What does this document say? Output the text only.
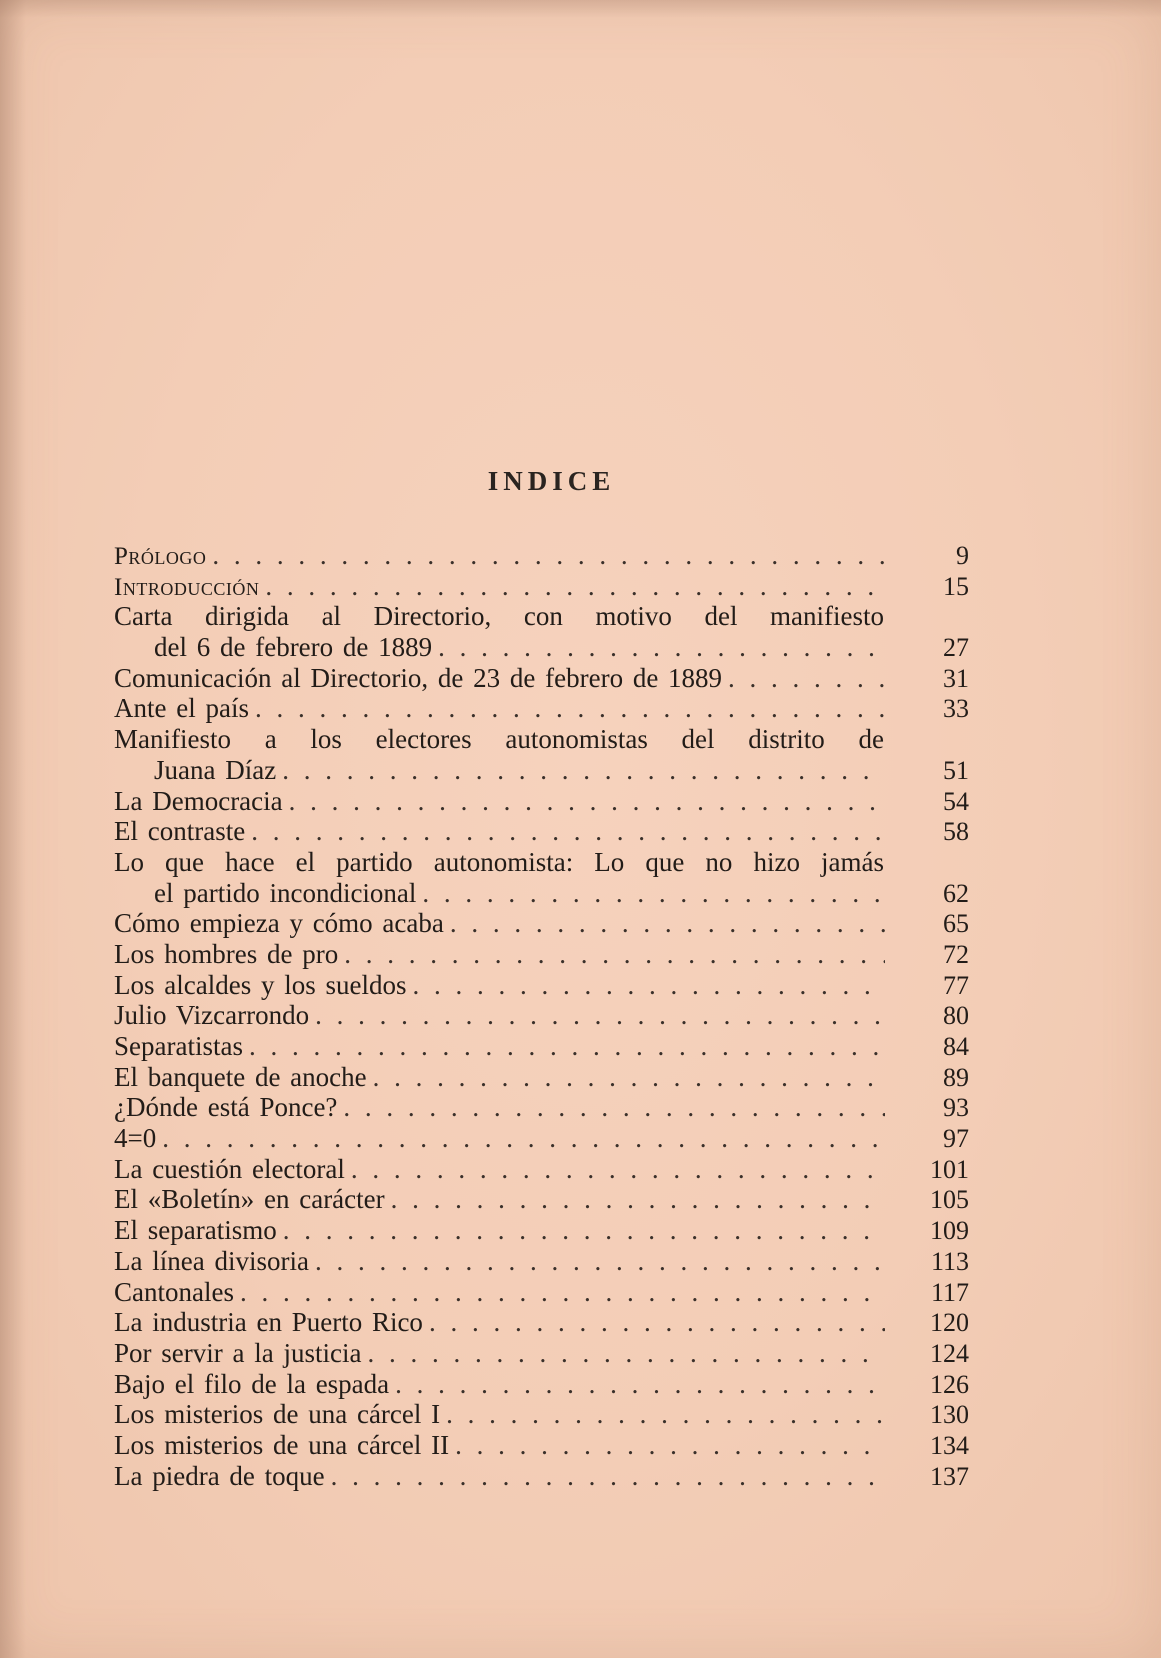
INDICE
Prólogo . . .	9
Introducción . . .	15
Carta dirigida al Directorio, con motivo del manifiesto
del 6 de febrero de 1889 . . .	27
Comunicación al Directorio, de 23 de febrero de 1889 . . .	31
Ante el país . . .	33
Manifiesto a los electores autonomistas del distrito de
Juana Díaz . . .	51
La Democracia . . .	54
El contraste . . .	58
Lo que hace el partido autonomista: Lo que no hizo jamás
el partido incondicional . . .	62
Cómo empieza y cómo acaba . . .	65
Los hombres de pro . . .	72
Los alcaldes y los sueldos . . .	77
Julio Vizcarrondo . . .	80
Separatistas . . .	84
El banquete de anoche . . .	89
¿Dónde está Ponce? . . .	93
4=0 . . .	97
La cuestión electoral . . .	101
El «Boletín» en carácter . . .	105
El separatismo . . .	109
La línea divisoria . . .	113
Cantonales . . .	117
La industria en Puerto Rico . . .	120
Por servir a la justicia . . .	124
Bajo el filo de la espada . . .	126
Los misterios de una cárcel I . . .	130
Los misterios de una cárcel II . . .	134
La piedra de toque . . .	137
